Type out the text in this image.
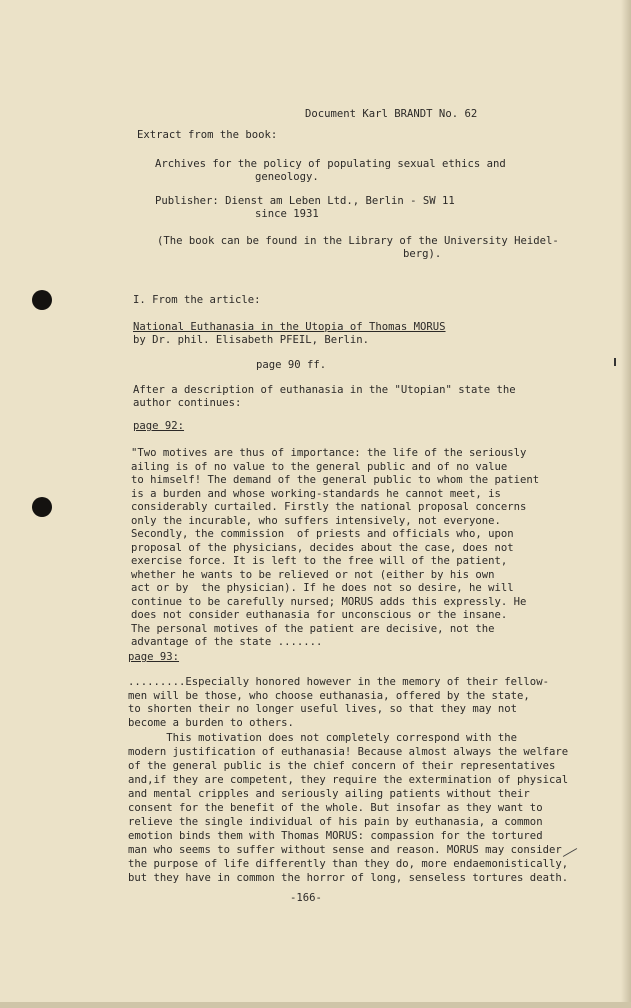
Document Karl BRANDT No. 62
Extract from the book:
Archives for the policy of populating sexual ethics and
geneology.
Publisher: Dienst am Leben Ltd., Berlin - SW 11
since 1931
(The book can be found in the Library of the University Heidel-
berg).
I. From the article:
National Euthanasia in the Utopia of Thomas MORUS
by Dr. phil. Elisabeth PFEIL, Berlin.
page 90 ff.
After a description of euthanasia in the "Utopian" state the
author continues:
page 92:
"Two motives are thus of importance: the life of the seriously
ailing is of no value to the general public and of no value
to himself! The demand of the general public to whom the patient
is a burden and whose working-standards he cannot meet, is
considerably curtailed. Firstly the national proposal concerns
only the incurable, who suffers intensively, not everyone.
Secondly, the commission  of priests and officials who, upon
proposal of the physicians, decides about the case, does not
exercise force. It is left to the free will of the patient,
whether he wants to be relieved or not (either by his own
act or by  the physician). If he does not so desire, he will
continue to be carefully nursed; MORUS adds this expressly. He
does not consider euthanasia for unconscious or the insane.
The personal motives of the patient are decisive, not the
advantage of the state .......
page 93:
.........Especially honored however in the memory of their fellow-
men will be those, who choose euthanasia, offered by the state,
to shorten their no longer useful lives, so that they may not
become a burden to others.
This motivation does not completely correspond with the
modern justification of euthanasia! Because almost always the welfare
of the general public is the chief concern of their representatives
and,if they are competent, they require the extermination of physical
and mental cripples and seriously ailing patients without their
consent for the benefit of the whole. But insofar as they want to
relieve the single individual of his pain by euthanasia, a common
emotion binds them with Thomas MORUS: compassion for the tortured
man who seems to suffer without sense and reason. MORUS may consider
the purpose of life differently than they do, more endaemonistically,
but they have in common the horror of long, senseless tortures death.
-166-
